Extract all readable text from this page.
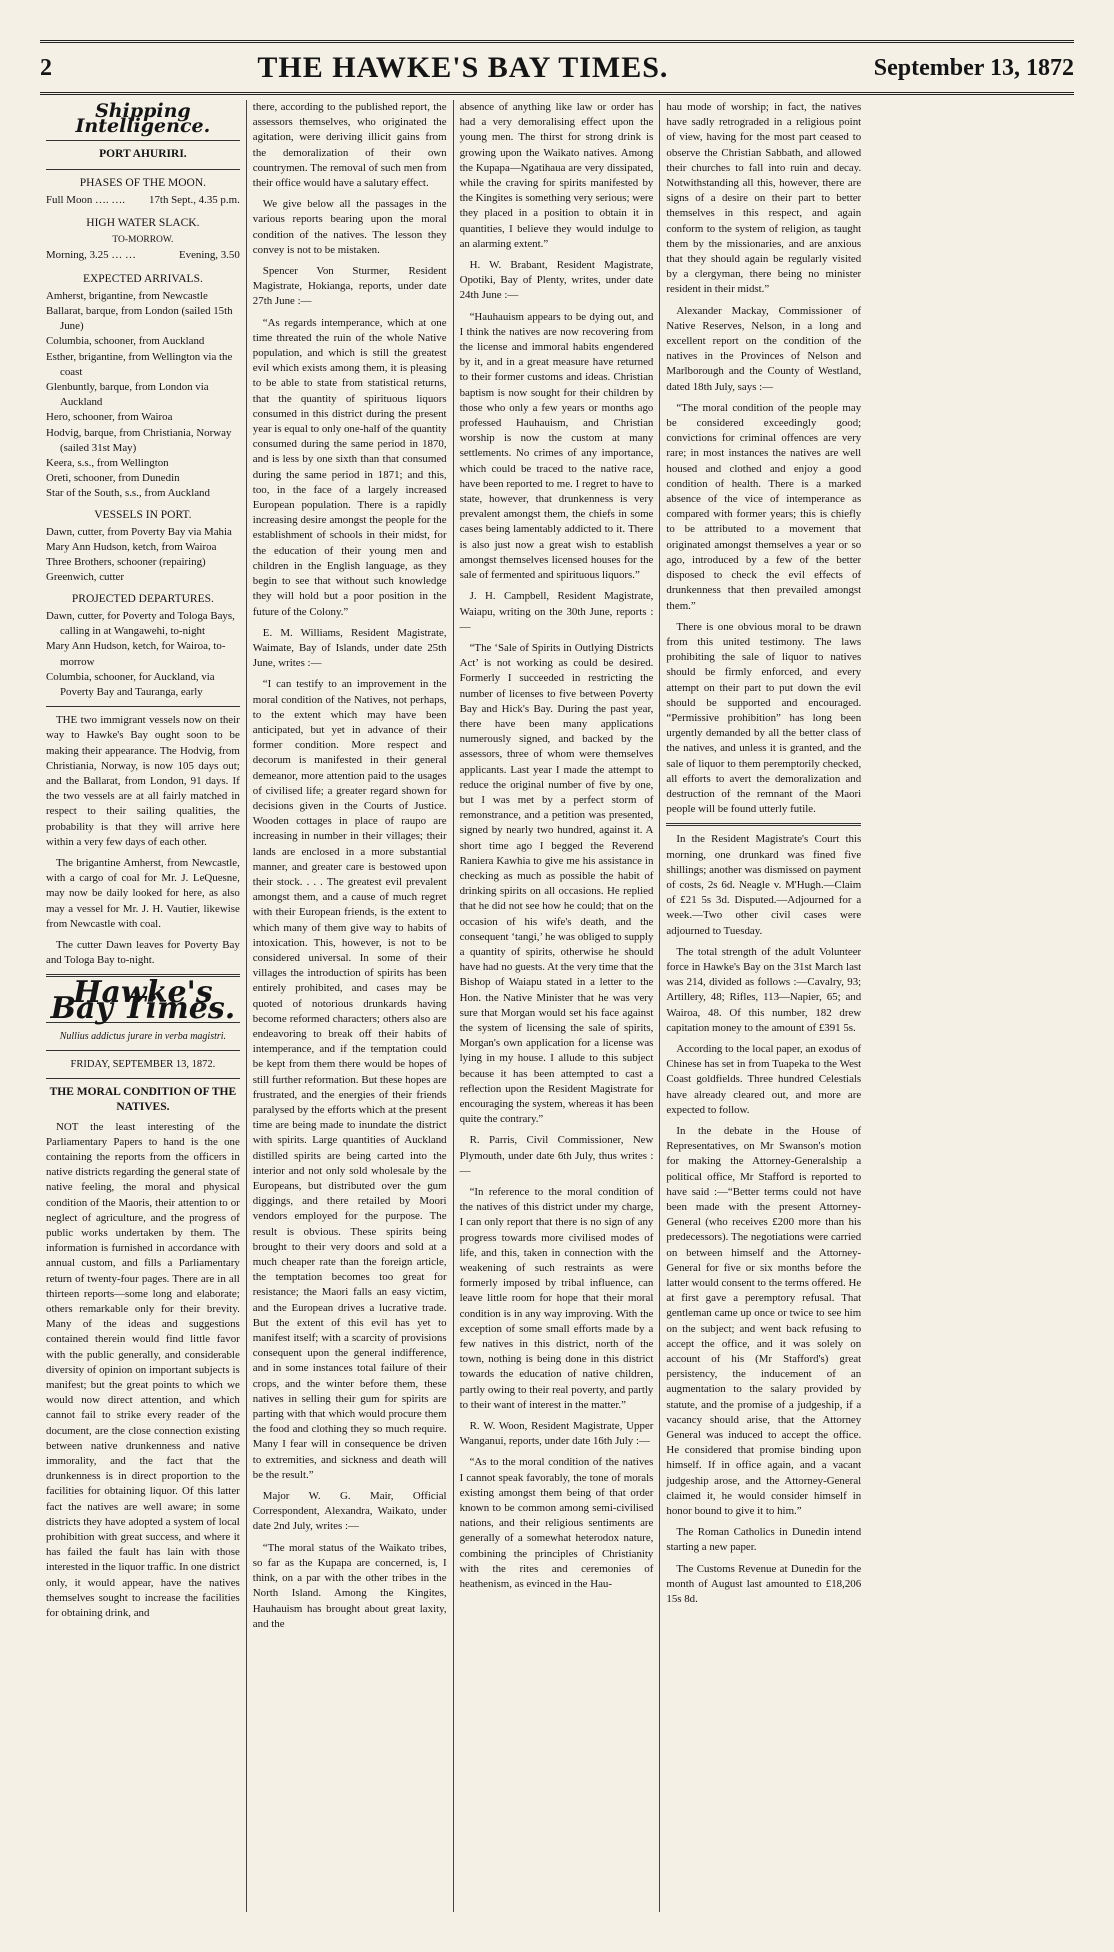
2	THE HAWKE'S BAY TIMES.	September 13, 1872
Shipping Intelligence.
PORT AHURIRI.
PHASES OF THE MOON.
Full Moon …. …. 17th Sept., 4.35 p.m.
HIGH WATER SLACK.
TO-MORROW.
Morning, 3.25 … …	Evening, 3.50
EXPECTED ARRIVALS.
Amherst, brigantine, from Newcastle
Ballarat, barque, from London (sailed 15th June)
Columbia, schooner, from Auckland
Esther, brigantine, from Wellington via the coast
Glenbuntly, barque, from London via Auckland
Hero, schooner, from Wairoa
Hodvig, barque, from Christiania, Norway (sailed 31st May)
Keera, s.s., from Wellington
Oreti, schooner, from Dunedin
Star of the South, s.s., from Auckland
VESSELS IN PORT.
Dawn, cutter, from Poverty Bay via Mahia
Mary Ann Hudson, ketch, from Wairoa
Three Brothers, schooner (repairing)
Greenwich, cutter
PROJECTED DEPARTURES.
Dawn, cutter, for Poverty and Tologa Bays, calling in at Wangawehi, to-night
Mary Ann Hudson, ketch, for Wairoa, to-morrow
Columbia, schooner, for Auckland, via Poverty Bay and Tauranga, early

THE two immigrant vessels now on their way to Hawke's Bay ought soon to be making their appearance. The Hodvig, from Christiania, Norway, is now 105 days out; and the Ballarat, from London, 91 days. If the two vessels are at all fairly matched in respect to their sailing qualities, the probability is that they will arrive here within a very few days of each other.

The brigantine Amherst, from Newcastle, with a cargo of coal for Mr. J. LeQuesne, may now be daily looked for here, as also may a vessel for Mr. J. H. Vautier, likewise from Newcastle with coal.

The cutter Dawn leaves for Poverty Bay and Tologa Bay to-night.

Hawke's Bay Times.
Nullius addictus jurare in verba magistri.
FRIDAY, SEPTEMBER 13, 1872.
THE MORAL CONDITION OF THE NATIVES.

NOT the least interesting of the Parliamentary Papers to hand is the one containing the reports from the officers in native districts regarding the general state of native feeling, the moral and physical condition of the Maoris, their attention to or neglect of agriculture, and the progress of public works undertaken by them. The information is furnished in accordance with annual custom, and fills a Parliamentary return of twenty-four pages. There are in all thirteen reports—some long and elaborate; others remarkable only for their brevity. Many of the ideas and suggestions contained therein would find little favor with the public generally, and considerable diversity of opinion on important subjects is manifest; but the great points to which we would now direct attention, and which cannot fail to strike every reader of the document, are the close connection existing between native drunkenness and native immorality, and the fact that the drunkenness is in direct proportion to the facilities for obtaining liquor. Of this latter fact the natives are well aware; in some districts they have adopted a system of local prohibition with great success, and where it has failed the fault has lain with those interested in the liquor traffic. In one district only, it would appear, have the natives themselves sought to increase the facilities for obtaining drink, and

there, according to the published report, the assessors themselves, who originated the agitation, were deriving illicit gains from the demoralization of their own countrymen. The removal of such men from their office would have a salutary effect.

We give below all the passages in the various reports bearing upon the moral condition of the natives. The lesson they convey is not to be mistaken.

Spencer Von Sturmer, Resident Magistrate, Hokianga, reports, under date 27th June :—

“As regards intemperance, which at one time threated the ruin of the whole Native population, and which is still the greatest evil which exists among them, it is pleasing to be able to state from statistical returns, that the quantity of spirituous liquors consumed in this district during the present year is equal to only one-half of the quantity consumed during the same period in 1870, and is less by one sixth than that consumed during the same period in 1871; and this, too, in the face of a largely increased European population. There is a rapidly increasing desire amongst the people for the establishment of schools in their midst, for the education of their young men and children in the English language, as they begin to see that without such knowledge they will hold but a poor position in the future of the Colony.”

E. M. Williams, Resident Magistrate, Waimate, Bay of Islands, under date 25th June, writes :—

“I can testify to an improvement in the moral condition of the Natives, not perhaps, to the extent which may have been anticipated, but yet in advance of their former condition. More respect and decorum is manifested in their general demeanor, more attention paid to the usages of civilised life; a greater regard shown for decisions given in the Courts of Justice. Wooden cottages in place of raupo are increasing in number in their villages; their lands are enclosed in a more substantial manner, and greater care is bestowed upon their stock. . . . The greatest evil prevalent amongst them, and a cause of much regret with their European friends, is the extent to which many of them give way to habits of intoxication. This, however, is not to be considered universal. In some of their villages the introduction of spirits has been entirely prohibited, and cases may be quoted of notorious drunkards having become reformed characters; others also are endeavoring to break off their habits of intemperance, and if the temptation could be kept from them there would be hopes of still further reformation. But these hopes are frustrated, and the energies of their friends paralysed by the efforts which at the present time are being made to inundate the district with spirits. Large quantities of Auckland distilled spirits are being carted into the interior and not only sold wholesale by the Europeans, but distributed over the gum diggings, and there retailed by Moori vendors employed for the purpose. The result is obvious. These spirits being brought to their very doors and sold at a much cheaper rate than the foreign article, the temptation becomes too great for resistance; the Maori falls an easy victim, and the European drives a lucrative trade. But the extent of this evil has yet to manifest itself; with a scarcity of provisions consequent upon the general indifference, and in some instances total failure of their crops, and the winter before them, these natives in selling their gum for spirits are parting with that which would procure them the food and clothing they so much require. Many I fear will in consequence be driven to extremities, and sickness and death will be the result.”

Major W. G. Mair, Official Correspondent, Alexandra, Waikato, under date 2nd July, writes :—

“The moral status of the Waikato tribes, so far as the Kupapa are concerned, is, I think, on a par with the other tribes in the North Island. Among the Kingites, Hauhauism has brought about great laxity, and the

absence of anything like law or order has had a very demoralising effect upon the young men. The thirst for strong drink is growing upon the Waikato natives. Among the Kupapa—Ngatihaua are very dissipated, while the craving for spirits manifested by the Kingites is something very serious; were they placed in a position to obtain it in quantities, I believe they would indulge to an alarming extent.”

H. W. Brabant, Resident Magistrate, Opotiki, Bay of Plenty, writes, under date 24th June :—

“Hauhauism appears to be dying out, and I think the natives are now recovering from the license and immoral habits engendered by it, and in a great measure have returned to their former customs and ideas. Christian baptism is now sought for their children by those who only a few years or months ago professed Hauhauism, and Christian worship is now the custom at many settlements. No crimes of any importance, which could be traced to the native race, have been reported to me. I regret to have to state, however, that drunkenness is very prevalent amongst them, the chiefs in some cases being lamentably addicted to it. There is also just now a great wish to establish amongst themselves licensed houses for the sale of fermented and spirituous liquors.”

J. H. Campbell, Resident Magistrate, Waiapu, writing on the 30th June, reports :—

“The ‘Sale of Spirits in Outlying Districts Act’ is not working as could be desired. Formerly I succeeded in restricting the number of licenses to five between Poverty Bay and Hick's Bay. During the past year, there have been many applications numerously signed, and backed by the assessors, three of whom were themselves applicants. Last year I made the attempt to reduce the original number of five by one, but I was met by a perfect storm of remonstrance, and a petition was presented, signed by nearly two hundred, against it. A short time ago I begged the Reverend Raniera Kawhia to give me his assistance in checking as much as possible the habit of drinking spirits on all occasions. He replied that he did not see how he could; that on the occasion of his wife's death, and the consequent ‘tangi,’ he was obliged to supply a quantity of spirits, otherwise he should have had no guests. At the very time that the Bishop of Waiapu stated in a letter to the Hon. the Native Minister that he was very sure that Morgan would set his face against the system of licensing the sale of spirits, Morgan's own application for a license was lying in my house. I allude to this subject because it has been attempted to cast a reflection upon the Resident Magistrate for encouraging the system, whereas it has been quite the contrary.”

R. Parris, Civil Commissioner, New Plymouth, under date 6th July, thus writes :—

“In reference to the moral condition of the natives of this district under my charge, I can only report that there is no sign of any progress towards more civilised modes of life, and this, taken in connection with the weakening of such restraints as were formerly imposed by tribal influence, can leave little room for hope that their moral condition is in any way improving. With the exception of some small efforts made by a few natives in this district, north of the town, nothing is being done in this district towards the education of native children, partly owing to their real poverty, and partly to their want of interest in the matter.”

R. W. Woon, Resident Magistrate, Upper Wanganui, reports, under date 16th July :—

“As to the moral condition of the natives I cannot speak favorably, the tone of morals existing amongst them being of that order known to be common among semi-civilised nations, and their religious sentiments are generally of a somewhat heterodox nature, combining the principles of Christianity with the rites and ceremonies of heathenism, as evinced in the Hau-

hau mode of worship; in fact, the natives have sadly retrograded in a religious point of view, having for the most part ceased to observe the Christian Sabbath, and allowed their churches to fall into ruin and decay. Notwithstanding all this, however, there are signs of a desire on their part to better themselves in this respect, and again conform to the system of religion, as taught them by the missionaries, and are anxious that they should again be regularly visited by a clergyman, there being no minister resident in their midst.”

Alexander Mackay, Commissioner of Native Reserves, Nelson, in a long and excellent report on the condition of the natives in the Provinces of Nelson and Marlborough and the County of Westland, dated 18th July, says :—

“The moral condition of the people may be considered exceedingly good; convictions for criminal offences are very rare; in most instances the natives are well housed and clothed and enjoy a good condition of health. There is a marked absence of the vice of intemperance as compared with former years; this is chiefly to be attributed to a movement that originated amongst themselves a year or so ago, introduced by a few of the better disposed to check the evil effects of drunkenness that then prevailed amongst them.”

There is one obvious moral to be drawn from this united testimony. The laws prohibiting the sale of liquor to natives should be firmly enforced, and every attempt on their part to put down the evil should be supported and encouraged. “Permissive prohibition” has long been urgently demanded by all the better class of the natives, and unless it is granted, and the sale of liquor to them peremptorily checked, all efforts to avert the demoralization and destruction of the remnant of the Maori people will be found utterly futile.

In the Resident Magistrate's Court this morning, one drunkard was fined five shillings; another was dismissed on payment of costs, 2s 6d. Neagle v. M'Hugh.—Claim of £21 5s 3d. Disputed.—Adjourned for a week.—Two other civil cases were adjourned to Tuesday.

The total strength of the adult Volunteer force in Hawke's Bay on the 31st March last was 214, divided as follows :—Cavalry, 93; Artillery, 48; Rifles, 113—Napier, 65; and Wairoa, 48. Of this number, 182 drew capitation money to the amount of £391 5s.

According to the local paper, an exodus of Chinese has set in from Tuapeka to the West Coast goldfields. Three hundred Celestials have already cleared out, and more are expected to follow.

In the debate in the House of Representatives, on Mr Swanson's motion for making the Attorney-Generalship a political office, Mr Stafford is reported to have said :—“Better terms could not have been made with the present Attorney-General (who receives £200 more than his predecessors). The negotiations were carried on between himself and the Attorney-General for five or six months before the latter would consent to the terms offered. He at first gave a peremptory refusal. That gentleman came up once or twice to see him on the subject; and went back refusing to accept the office, and it was solely on account of his (Mr Stafford's) great persistency, the inducement of an augmentation to the salary provided by statute, and the promise of a judgeship, if a vacancy should arise, that the Attorney General was induced to accept the office. He considered that promise binding upon himself. If in office again, and a vacant judgeship arose, and the Attorney-General claimed it, he would consider himself in honor bound to give it to him.”

The Roman Catholics in Dunedin intend starting a new paper.

The Customs Revenue at Dunedin for the month of August last amounted to £18,206 15s 8d.
